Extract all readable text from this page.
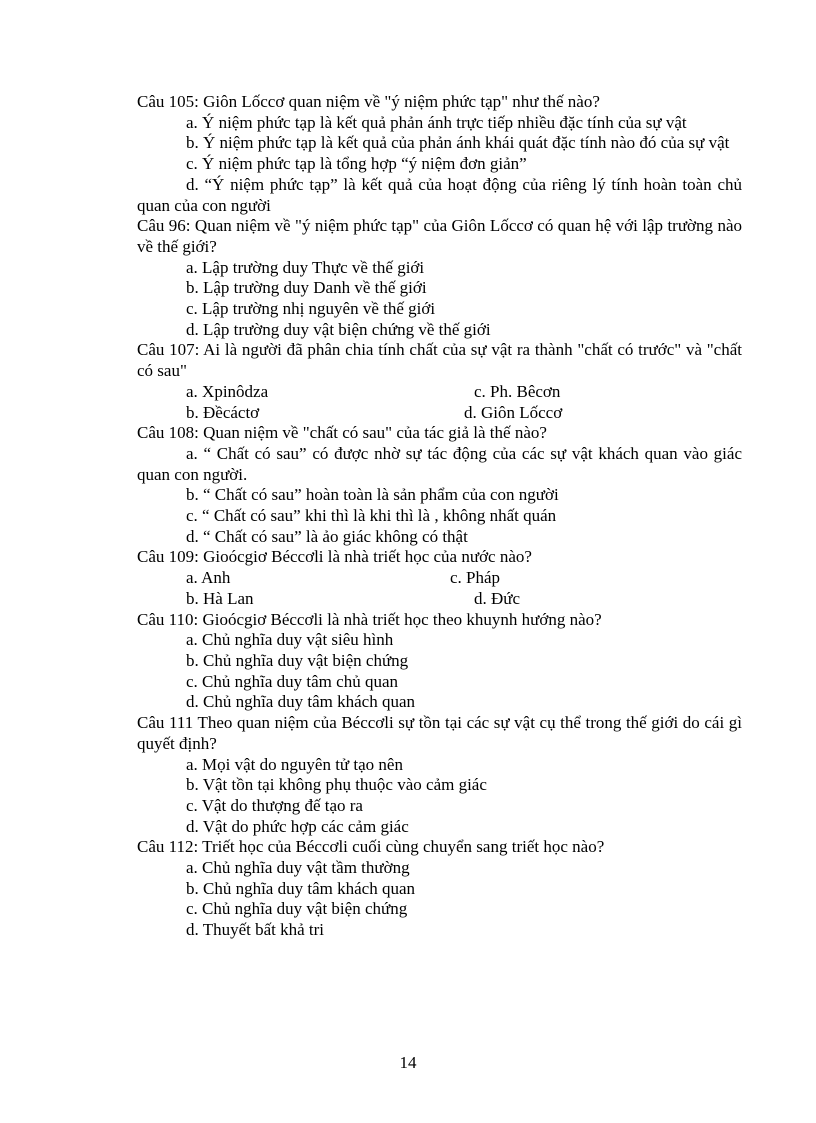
Câu 105: Giôn Lốccơ quan niệm về "ý niệm phức tạp" như thế nào?

a. Ý niệm phức tạp là kết quả phản ánh trực tiếp nhiều đặc tính của sự vật

b. Ý niệm phức tạp là kết quả của phản ánh khái quát đặc tính nào đó của sự vật

c. Ý niệm phức tạp là tổng hợp “ý niệm đơn giản”

d. “Ý niệm phức tạp” là kết quả của hoạt động của riêng lý tính hoàn toàn chủ quan của con người

Câu 96: Quan niệm về "ý niệm phức tạp" của Giôn Lốccơ có quan hệ với lập trường nào về thế giới?

a. Lập trường duy Thực về thế giới

b. Lập trường duy Danh về thế giới

c. Lập trường nhị nguyên về thế giới

d. Lập trường duy vật biện chứng về thế giới

Câu 107: Ai là người đã phân chia tính chất của sự vật ra thành "chất có trước" và "chất có sau"

a. Xpinôdza	c. Ph. Bêcơn
b. Đềcáctơ	d. Giôn Lốccơ

Câu 108: Quan niệm về "chất có sau" của tác giả là thế nào?

a. “ Chất có sau” có được nhờ sự tác động của các sự vật khách quan vào giác quan con người.

b. “ Chất có sau” hoàn toàn là sản phẩm của con người

c. “ Chất có sau” khi thì là khi thì là , không nhất quán

d. “ Chất có sau” là ảo giác không có thật

Câu 109: Gioócgiơ Béccơli là nhà triết học của nước nào?

a. Anh	c. Pháp
b. Hà Lan	d. Đức

Câu 110: Gioócgiơ Béccơli là nhà triết học theo khuynh hướng nào?

a. Chủ nghĩa duy vật siêu hình

b. Chủ nghĩa duy vật biện chứng

c. Chủ nghĩa duy tâm chủ quan

d. Chủ nghĩa duy tâm khách quan

Câu 111 Theo quan niệm của Béccơli sự tồn tại các sự vật cụ thể trong thế giới do cái gì quyết định?

a. Mọi vật do nguyên tử tạo nên

b. Vật tồn tại không phụ thuộc vào cảm giác

c. Vật do thượng đế tạo ra

d. Vật do phức hợp các cảm giác

Câu 112: Triết học của Béccơli cuối cùng chuyển sang triết học nào?

a. Chủ nghĩa duy vật tầm thường

b. Chủ nghĩa duy tâm khách quan

c. Chủ nghĩa duy vật biện chứng

d. Thuyết bất khả tri

14
